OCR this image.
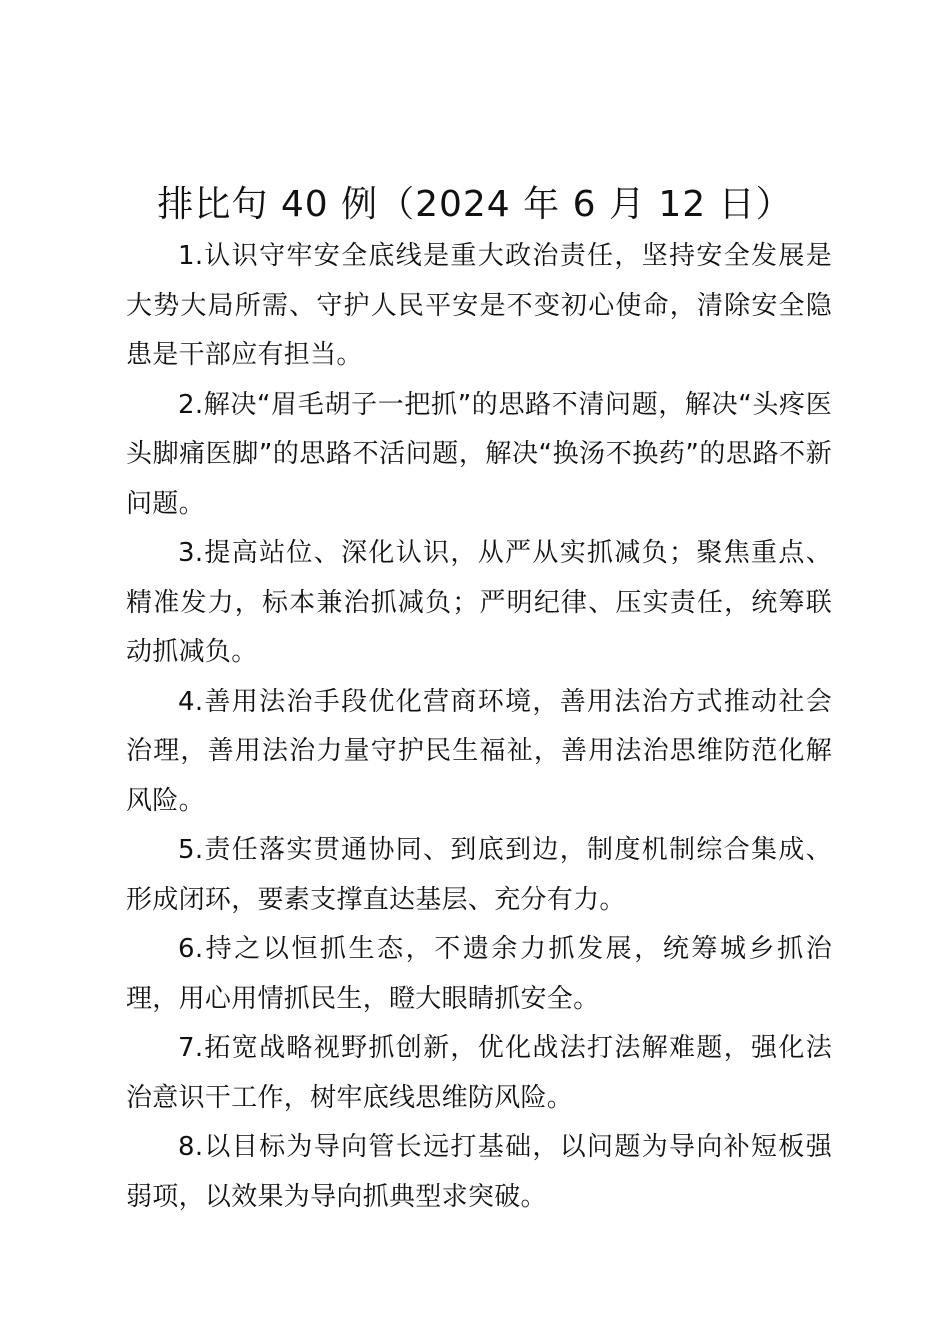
排比句 40 例（2024 年 6 月 12 日）

1.认识守牢安全底线是重大政治责任，坚持安全发展是大势大局所需、守护人民平安是不变初心使命，清除安全隐患是干部应有担当。

2.解决“眉毛胡子一把抓”的思路不清问题，解决“头疼医头脚痛医脚”的思路不活问题，解决“换汤不换药”的思路不新问题。

3.提高站位、深化认识，从严从实抓减负；聚焦重点、精准发力，标本兼治抓减负；严明纪律、压实责任，统筹联动抓减负。

4.善用法治手段优化营商环境，善用法治方式推动社会治理，善用法治力量守护民生福祉，善用法治思维防范化解风险。

5.责任落实贯通协同、到底到边，制度机制综合集成、形成闭环，要素支撑直达基层、充分有力。

6.持之以恒抓生态，不遗余力抓发展，统筹城乡抓治理，用心用情抓民生，瞪大眼睛抓安全。

7.拓宽战略视野抓创新，优化战法打法解难题，强化法治意识干工作，树牢底线思维防风险。

8.以目标为导向管长远打基础，以问题为导向补短板强弱项，以效果为导向抓典型求突破。
